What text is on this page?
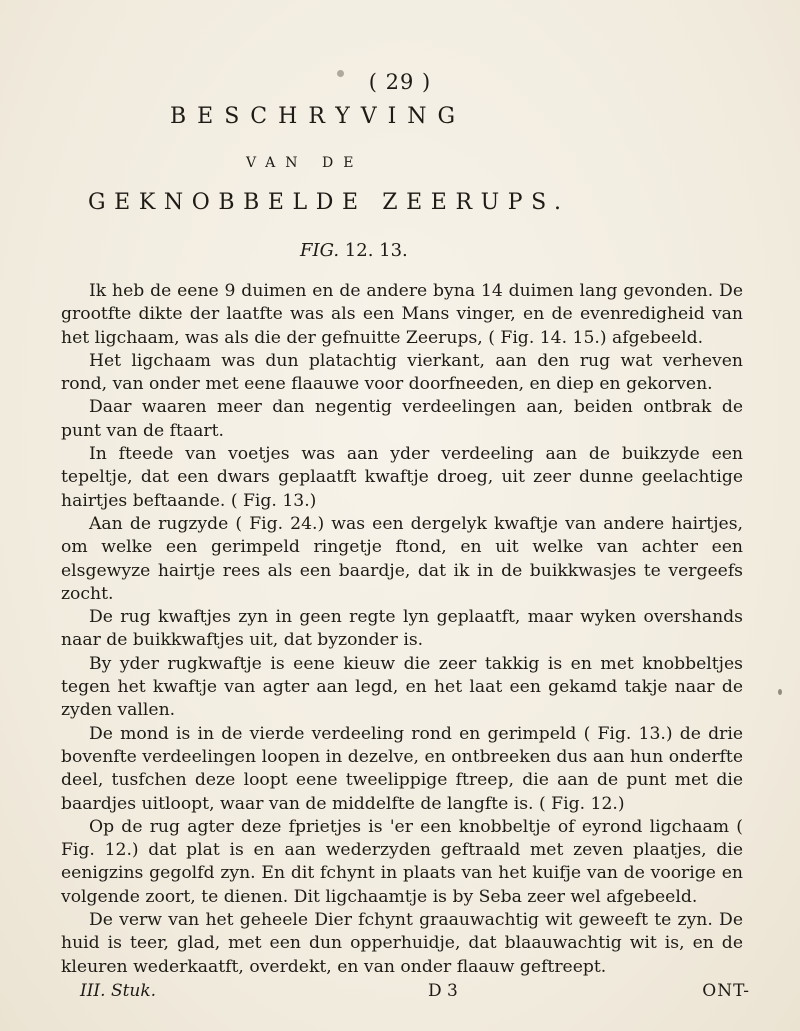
( 29 )
BESCHRYVING
VAN DE
GEKNOBBELDE ZEERUPS.
FIG. 12. 13.

Ik heb de eene 9 duimen en de andere byna 14 duimen lang gevonden. De grootfte dikte der laatfte was als een Mans vinger, en de evenredigheid van het ligchaam, was als die der gefnuitte Zeerups, ( Fig. 14. 15.) afgebeeld.

Het ligchaam was dun platachtig vierkant, aan den rug wat verheven rond, van onder met eene flaauwe voor doorfneeden, en diep en gekorven.

Daar waaren meer dan negentig verdeelingen aan, beiden ontbrak de punt van de ftaart.

In fteede van voetjes was aan yder verdeeling aan de buikzyde een tepeltje, dat een dwars geplaatft kwaftje droeg, uit zeer dunne geelachtige hairtjes beftaande. ( Fig. 13.)

Aan de rugzyde ( Fig. 24.) was een dergelyk kwaftje van andere hairtjes, om welke een gerimpeld ringetje ftond, en uit welke van achter een elsgewyze hairtje rees als een baardje, dat ik in de buikkwasjes te vergeefs zocht.

De rug kwaftjes zyn in geen regte lyn geplaatft, maar wyken overshands naar de buikkwaftjes uit, dat byzonder is.

By yder rugkwaftje is eene kieuw die zeer takkig is en met knobbeltjes tegen het kwaftje van agter aan legd, en het laat een gekamd takje naar de zyden vallen.

De mond is in de vierde verdeeling rond en gerimpeld ( Fig. 13.) de drie bovenfte verdeelingen loopen in dezelve, en ontbreeken dus aan hun onderfte deel, tusfchen deze loopt eene tweelippige ftreep, die aan de punt met die baardjes uitloopt, waar van de middelfte de langfte is. ( Fig. 12.)

Op de rug agter deze fprietjes is 'er een knobbeltje of eyrond ligchaam ( Fig. 12.) dat plat is en aan wederzyden geftraald met zeven plaatjes, die eenigzins gegolfd zyn. En dit fchynt in plaats van het kuifje van de voorige en volgende zoort, te dienen. Dit ligchaamtje is by Seba zeer wel afgebeeld.

De verw van het geheele Dier fchynt graauwachtig wit geweeft te zyn. De huid is teer, glad, met een dun opperhuidje, dat blaauwachtig wit is, en de kleuren wederkaatft, overdekt, en van onder flaauw geftreept.

III. Stuk.	D 3	ONT-
